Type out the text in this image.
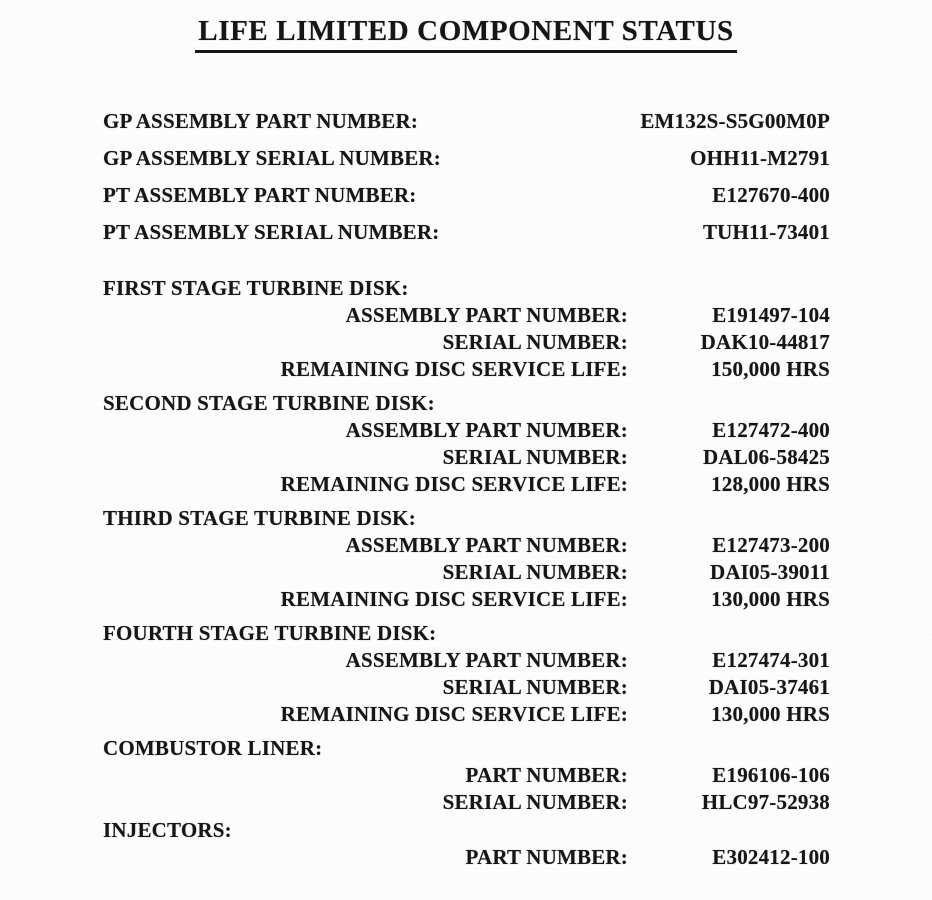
LIFE LIMITED COMPONENT STATUS
GP ASSEMBLY PART NUMBER:	EM132S-S5G00M0P
GP ASSEMBLY SERIAL NUMBER:	OHH11-M2791
PT ASSEMBLY PART NUMBER:	E127670-400
PT ASSEMBLY SERIAL NUMBER:	TUH11-73401
FIRST STAGE TURBINE DISK:
ASSEMBLY PART NUMBER:	E191497-104
SERIAL NUMBER:	DAK10-44817
REMAINING DISC SERVICE LIFE:	150,000 HRS
SECOND STAGE TURBINE DISK:
ASSEMBLY PART NUMBER:	E127472-400
SERIAL NUMBER:	DAL06-58425
REMAINING DISC SERVICE LIFE:	128,000 HRS
THIRD STAGE TURBINE DISK:
ASSEMBLY PART NUMBER:	E127473-200
SERIAL NUMBER:	DAI05-39011
REMAINING DISC SERVICE LIFE:	130,000 HRS
FOURTH STAGE TURBINE DISK:
ASSEMBLY PART NUMBER:	E127474-301
SERIAL NUMBER:	DAI05-37461
REMAINING DISC SERVICE LIFE:	130,000 HRS
COMBUSTOR LINER:
PART NUMBER:	E196106-106
SERIAL NUMBER:	HLC97-52938
INJECTORS:
PART NUMBER:	E302412-100
